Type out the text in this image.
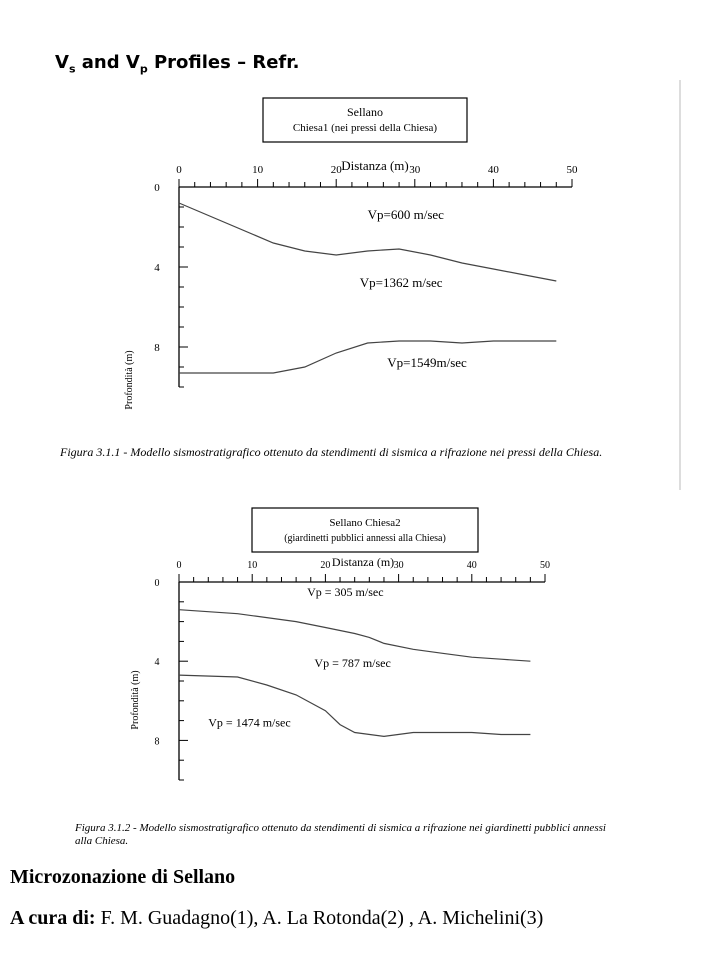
$V_s$ and $V_p$ Profiles – Refr.
Sellano
Chiesa1 (nei pressi della Chiesa)
Distanza (m)
0	10	20	30	40	50
0
4
8
Vp=600 m/sec
Vp=1362 m/sec
Vp=1549m/sec
Profondità (m)
Figura 3.1.1 - Modello sismostratigrafico ottenuto da stendimenti di sismica a rifrazione nei pressi della Chiesa.
Sellano Chiesa2
(giardinetti pubblici annessi alla Chiesa)
Distanza (m)
0	10	20	30	40	50
0
4
8
Vp = 305 m/sec
Vp = 787 m/sec
Vp = 1474 m/sec
Profondità (m)
Figura 3.1.2 - Modello sismostratigrafico ottenuto da stendimenti di sismica a rifrazione nei giardinetti pubblici annessi alla Chiesa.
Microzonazione di Sellano
A cura di: F. M. Guadagno(1), A. La Rotonda(2) , A. Michelini(3)
